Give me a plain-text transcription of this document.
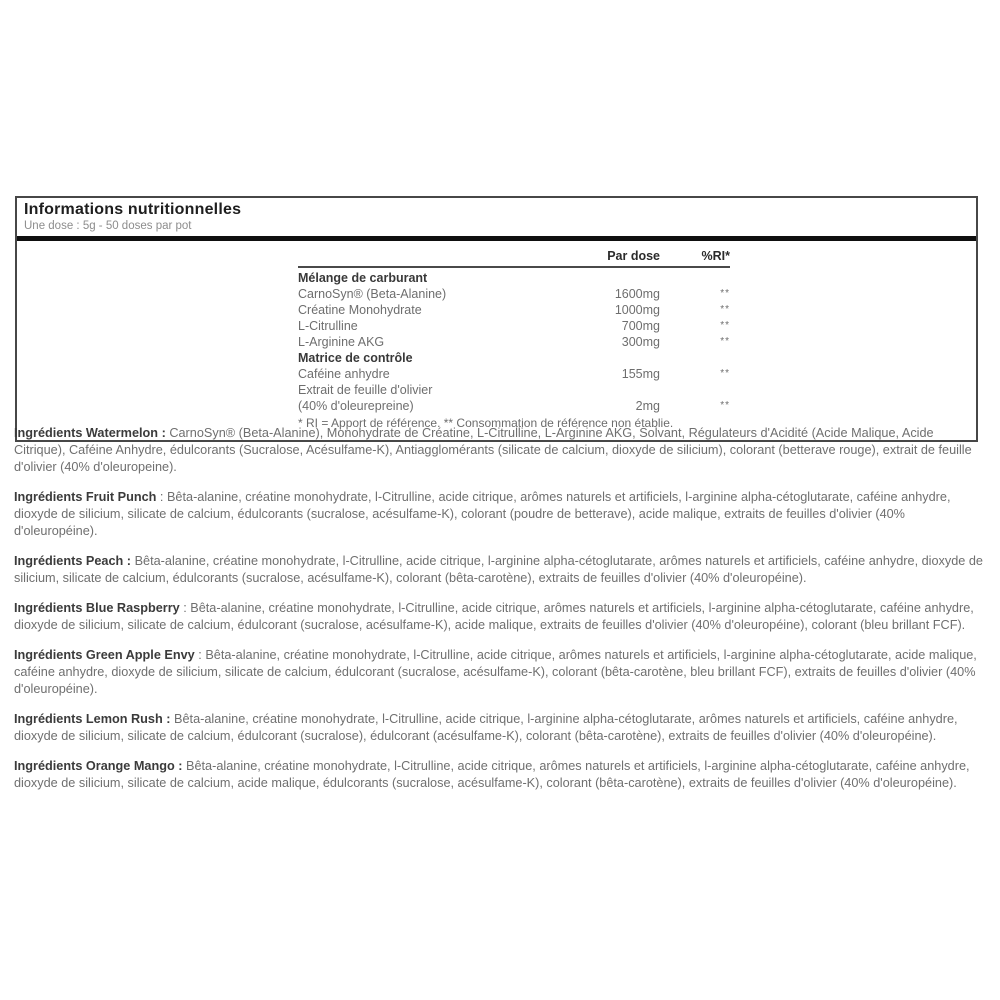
Informations nutritionnelles
Une dose : 5g - 50 doses par pot
Par dose	%RI*
Mélange de carburant
CarnoSyn® (Beta-Alanine)	1600mg	**
Créatine Monohydrate	1000mg	**
L-Citrulline	700mg	**
L-Arginine AKG	300mg	**
Matrice de contrôle
Caféine anhydre	155mg	**
Extrait de feuille d'olivier
(40% d'oleurepreine)	2mg	**
* RI = Apport de référence. ** Consommation de référence non établie.

Ingrédients Watermelon : CarnoSyn® (Beta-Alanine), Monohydrate de Créatine, L-Citrulline, L-Arginine AKG, Solvant, Régulateurs d'Acidité (Acide Malique, Acide Citrique), Caféine Anhydre, édulcorants (Sucralose, Acésulfame-K), Antiagglomérants (silicate de calcium, dioxyde de silicium), colorant (betterave rouge), extrait de feuille d'olivier (40% d'oleuropeine).

Ingrédients Fruit Punch : Bêta-alanine, créatine monohydrate, l-Citrulline, acide citrique, arômes naturels et artificiels, l-arginine alpha-cétoglutarate, caféine anhydre, dioxyde de silicium, silicate de calcium, édulcorants (sucralose, acésulfame-K), colorant (poudre de betterave), acide malique, extraits de feuilles d'olivier (40% d'oleuropéine).

Ingrédients Peach : Bêta-alanine, créatine monohydrate, l-Citrulline, acide citrique, l-arginine alpha-cétoglutarate, arômes naturels et artificiels, caféine anhydre, dioxyde de silicium, silicate de calcium, édulcorants (sucralose, acésulfame-K), colorant (bêta-carotène), extraits de feuilles d'olivier (40% d'oleuropéine).

Ingrédients Blue Raspberry : Bêta-alanine, créatine monohydrate, l-Citrulline, acide citrique, arômes naturels et artificiels, l-arginine alpha-cétoglutarate, caféine anhydre, dioxyde de silicium, silicate de calcium, édulcorant (sucralose, acésulfame-K), acide malique, extraits de feuilles d'olivier (40% d'oleuropéine), colorant (bleu brillant FCF).

Ingrédients Green Apple Envy : Bêta-alanine, créatine monohydrate, l-Citrulline, acide citrique, arômes naturels et artificiels, l-arginine alpha-cétoglutarate, acide malique, caféine anhydre, dioxyde de silicium, silicate de calcium, édulcorant (sucralose, acésulfame-K), colorant (bêta-carotène, bleu brillant FCF), extraits de feuilles d'olivier (40% d'oleuropéine).

Ingrédients Lemon Rush : Bêta-alanine, créatine monohydrate, l-Citrulline, acide citrique, l-arginine alpha-cétoglutarate, arômes naturels et artificiels, caféine anhydre, dioxyde de silicium, silicate de calcium, édulcorant (sucralose), édulcorant (acésulfame-K), colorant (bêta-carotène), extraits de feuilles d'olivier (40% d'oleuropéine).

Ingrédients Orange Mango : Bêta-alanine, créatine monohydrate, l-Citrulline, acide citrique, arômes naturels et artificiels, l-arginine alpha-cétoglutarate, caféine anhydre, dioxyde de silicium, silicate de calcium, acide malique, édulcorants (sucralose, acésulfame-K), colorant (bêta-carotène), extraits de feuilles d'olivier (40% d'oleuropéine).
